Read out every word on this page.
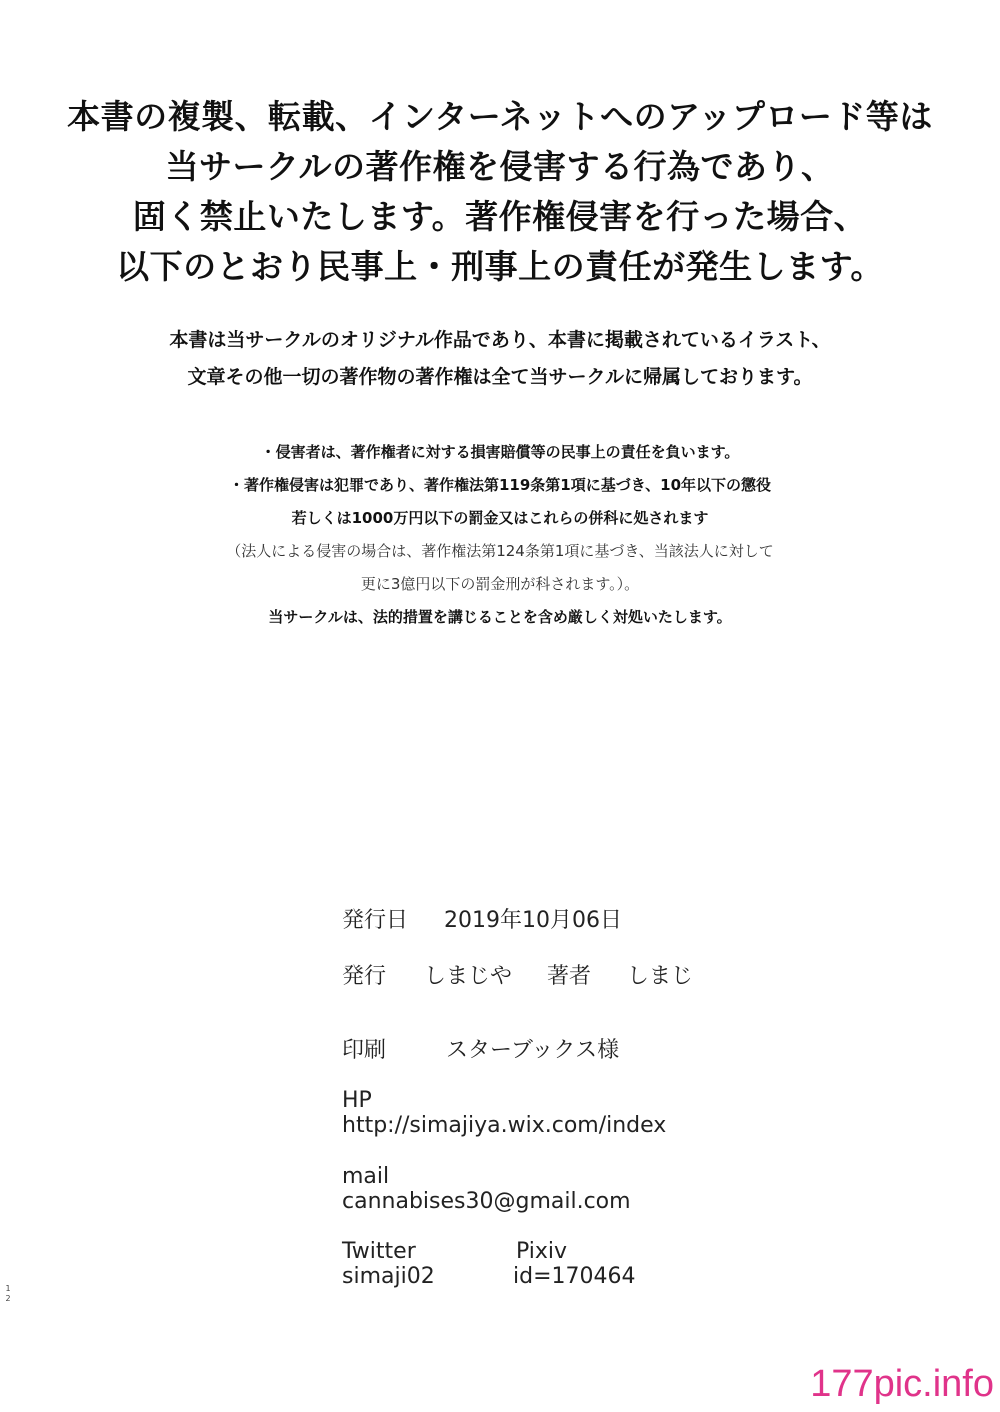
本書の複製、転載、インターネットへのアップロード等は
当サークルの著作権を侵害する行為であり、
固く禁止いたします。著作権侵害を行った場合、
以下のとおり民事上・刑事上の責任が発生します。
本書は当サークルのオリジナル作品であり、本書に掲載されているイラスト、
文章その他一切の著作物の著作権は全て当サークルに帰属しております。
・侵害者は、著作権者に対する損害賠償等の民事上の責任を負います。
・著作権侵害は犯罪であり、著作権法第119条第1項に基づき、10年以下の懲役
若しくは1000万円以下の罰金又はこれらの併科に処されます
（法人による侵害の場合は、著作権法第124条第1項に基づき、当該法人に対して
更に3億円以下の罰金刑が科されます。）。
当サークルは、法的措置を講じることを含め厳しく対処いたします。
発行日 2019年10月06日
発行 しまじや 著者 しまじ
印刷	スターブックス様
HP
http://simajiya.wix.com/index
mail
cannabises30@gmail.com
Twitter	Pixiv
simaji02	id=170464
1
2
177pic.info
